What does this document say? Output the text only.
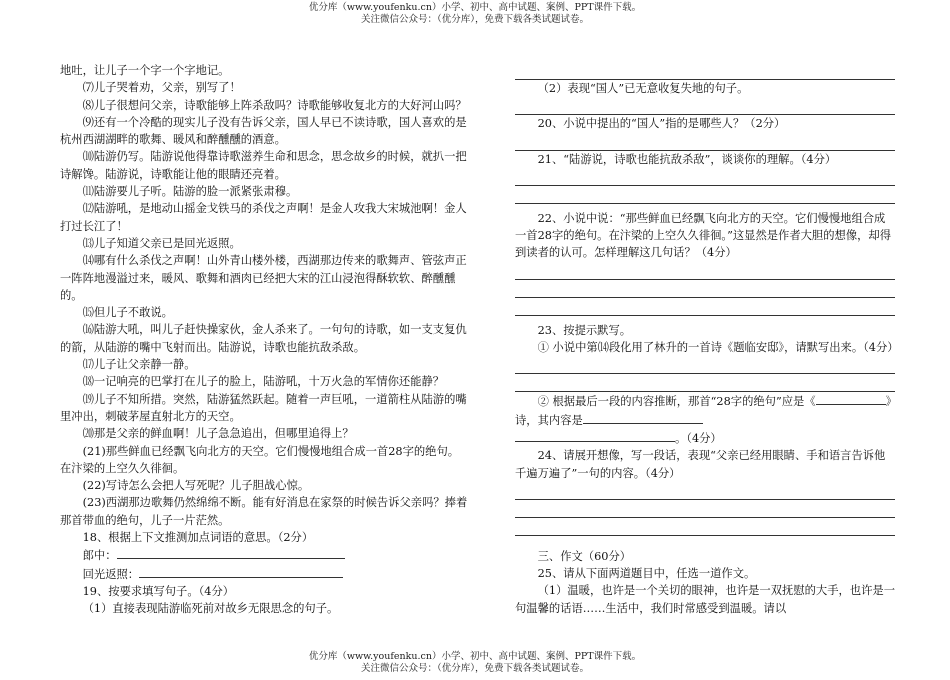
优分库（www.youfenku.cn）小学、初中、高中试题、案例、PPT课件下载。
关注微信公众号：（优分库），免费下载各类试题试卷。

地吐，让儿子一个字一个字地记。

⑺儿子哭着劝，父亲，别写了！

⑻儿子很想问父亲，诗歌能够上阵杀敌吗？诗歌能够收复北方的大好河山吗？

⑼还有一个冷酷的现实儿子没有告诉父亲，国人早已不读诗歌，国人喜欢的是杭州西湖湖畔的歌舞、暖风和醉醺醺的酒意。

⑽陆游仍写。陆游说他得靠诗歌滋养生命和思念，思念故乡的时候，就扒一把诗解馋。陆游说，诗歌能让他的眼睛还亮着。

⑾陆游要儿子听。陆游的脸一派紧张肃穆。

⑿陆游吼，是地动山摇金戈铁马的杀伐之声啊！是金人攻我大宋城池啊！金人打过长江了！

⒀儿子知道父亲已是回光返照。

⒁哪有什么杀伐之声啊！山外青山楼外楼，西湖那边传来的歌舞声、管弦声正一阵阵地漫溢过来，暖风、歌舞和酒肉已经把大宋的江山浸泡得酥软软、醉醺醺的。

⒂但儿子不敢说。

⒃陆游大吼，叫儿子赶快操家伙，金人杀来了。一句句的诗歌，如一支支复仇的箭，从陆游的嘴中飞射而出。陆游说，诗歌也能抗敌杀敌。

⒄儿子让父亲静一静。

⒅一记响亮的巴掌打在儿子的脸上，陆游吼，十万火急的军情你还能静？

⒆儿子不知所措。突然，陆游猛然跃起。随着一声巨吼，一道箭柱从陆游的嘴里冲出，刺破茅屋直射北方的天空。

⒇那是父亲的鲜血啊！儿子急急追出，但哪里追得上？

(21)那些鲜血已经飘飞向北方的天空。它们慢慢地组合成一首28字的绝句。在汴梁的上空久久徘徊。

(22)写诗怎么会把人写死呢？儿子胆战心惊。

(23)西湖那边歌舞仍然绵绵不断。能有好消息在家祭的时候告诉父亲吗？捧着那首带血的绝句，儿子一片茫然。

18、根据上下文推测加点词语的意思。（2分）

郎中：

回光返照：

19、按要求填写句子。（4分）

（1）直接表现陆游临死前对故乡无限思念的句子。

（2）表现“国人”已无意收复失地的句子。

20、小说中提出的“国人”指的是哪些人？（2分）

21、“陆游说，诗歌也能抗敌杀敌”，谈谈你的理解。（4分）

22、小说中说：“那些鲜血已经飘飞向北方的天空。它们慢慢地组合成一首28字的绝句。在汴梁的上空久久徘徊。”这显然是作者大胆的想像，却得到读者的认可。怎样理解这几句话？（4分）

23、按提示默写。

① 小说中第⒁段化用了林升的一首诗《题临安邸》，请默写出来。（4分）

② 根据最后一段的内容推断，那首“28字的绝句”应是《	》诗，其内容是

。（4分）

24、请展开想像，写一段话，表现“父亲已经用眼睛、手和语言告诉他千遍万遍了”一句的内容。（4分）

三、作文（60分）

25、请从下面两道题目中，任选一道作文。

（1）温暖，也许是一个关切的眼神，也许是一双抚慰的大手，也许是一句温馨的话语……生活中，我们时常感受到温暖。请以

优分库（www.youfenku.cn）小学、初中、高中试题、案例、PPT课件下载。
关注微信公众号：（优分库），免费下载各类试题试卷。
